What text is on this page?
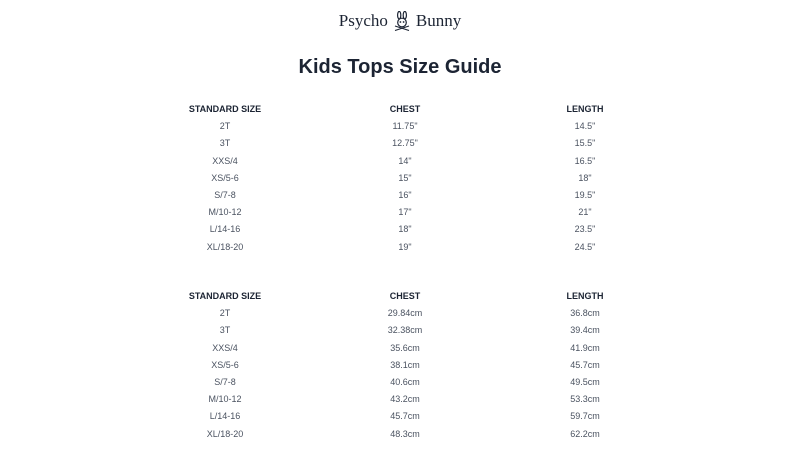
Psycho Bunny
Kids Tops Size Guide
STANDARD SIZE	CHEST	LENGTH
2T	11.75"	14.5"
3T	12.75"	15.5"
XXS/4	14"	16.5"
XS/5-6	15"	18"
S/7-8	16"	19.5"
M/10-12	17"	21"
L/14-16	18"	23.5"
XL/18-20	19"	24.5"
STANDARD SIZE	CHEST	LENGTH
2T	29.84cm	36.8cm
3T	32.38cm	39.4cm
XXS/4	35.6cm	41.9cm
XS/5-6	38.1cm	45.7cm
S/7-8	40.6cm	49.5cm
M/10-12	43.2cm	53.3cm
L/14-16	45.7cm	59.7cm
XL/18-20	48.3cm	62.2cm
